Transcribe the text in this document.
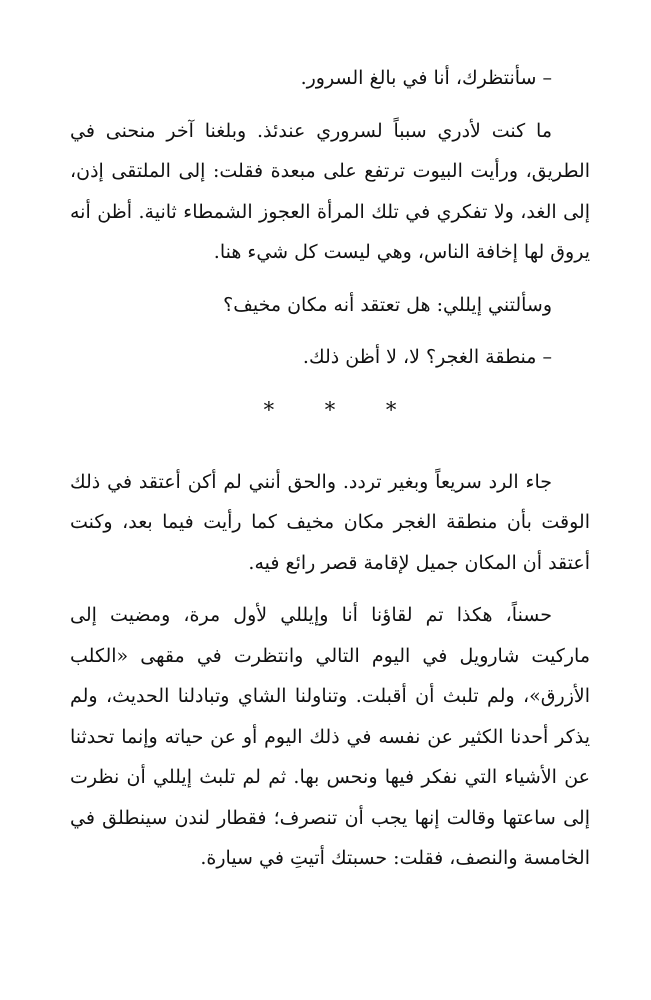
– سأنتظرك، أنا في بالغ السرور.

ما كنت لأدري سبباً لسروري عندئذ. وبلغنا آخر منحنى في الطريق، ورأيت البيوت ترتفع على مبعدة فقلت: إلى الملتقى إذن، إلى الغد، ولا تفكري في تلك المرأة العجوز الشمطاء ثانية. أظن أنه يروق لها إخافة الناس، وهي ليست كل شيء هنا.

وسألتني إيللي: هل تعتقد أنه مكان مخيف؟

– منطقة الغجر؟ لا، لا أظن ذلك.

* * *

جاء الرد سريعاً وبغير تردد. والحق أنني لم أكن أعتقد في ذلك الوقت بأن منطقة الغجر مكان مخيف كما رأيت فيما بعد، وكنت أعتقد أن المكان جميل لإقامة قصر رائع فيه.

حسناً، هكذا تم لقاؤنا أنا وإيللي لأول مرة، ومضيت إلى ماركيت شارويل في اليوم التالي وانتظرت في مقهى «الكلب الأزرق»، ولم تلبث أن أقبلت. وتناولنا الشاي وتبادلنا الحديث، ولم يذكر أحدنا الكثير عن نفسه في ذلك اليوم أو عن حياته وإنما تحدثنا عن الأشياء التي نفكر فيها ونحس بها. ثم لم تلبث إيللي أن نظرت إلى ساعتها وقالت إنها يجب أن تنصرف؛ فقطار لندن سينطلق في الخامسة والنصف، فقلت: حسبتك أتيتِ في سيارة.
